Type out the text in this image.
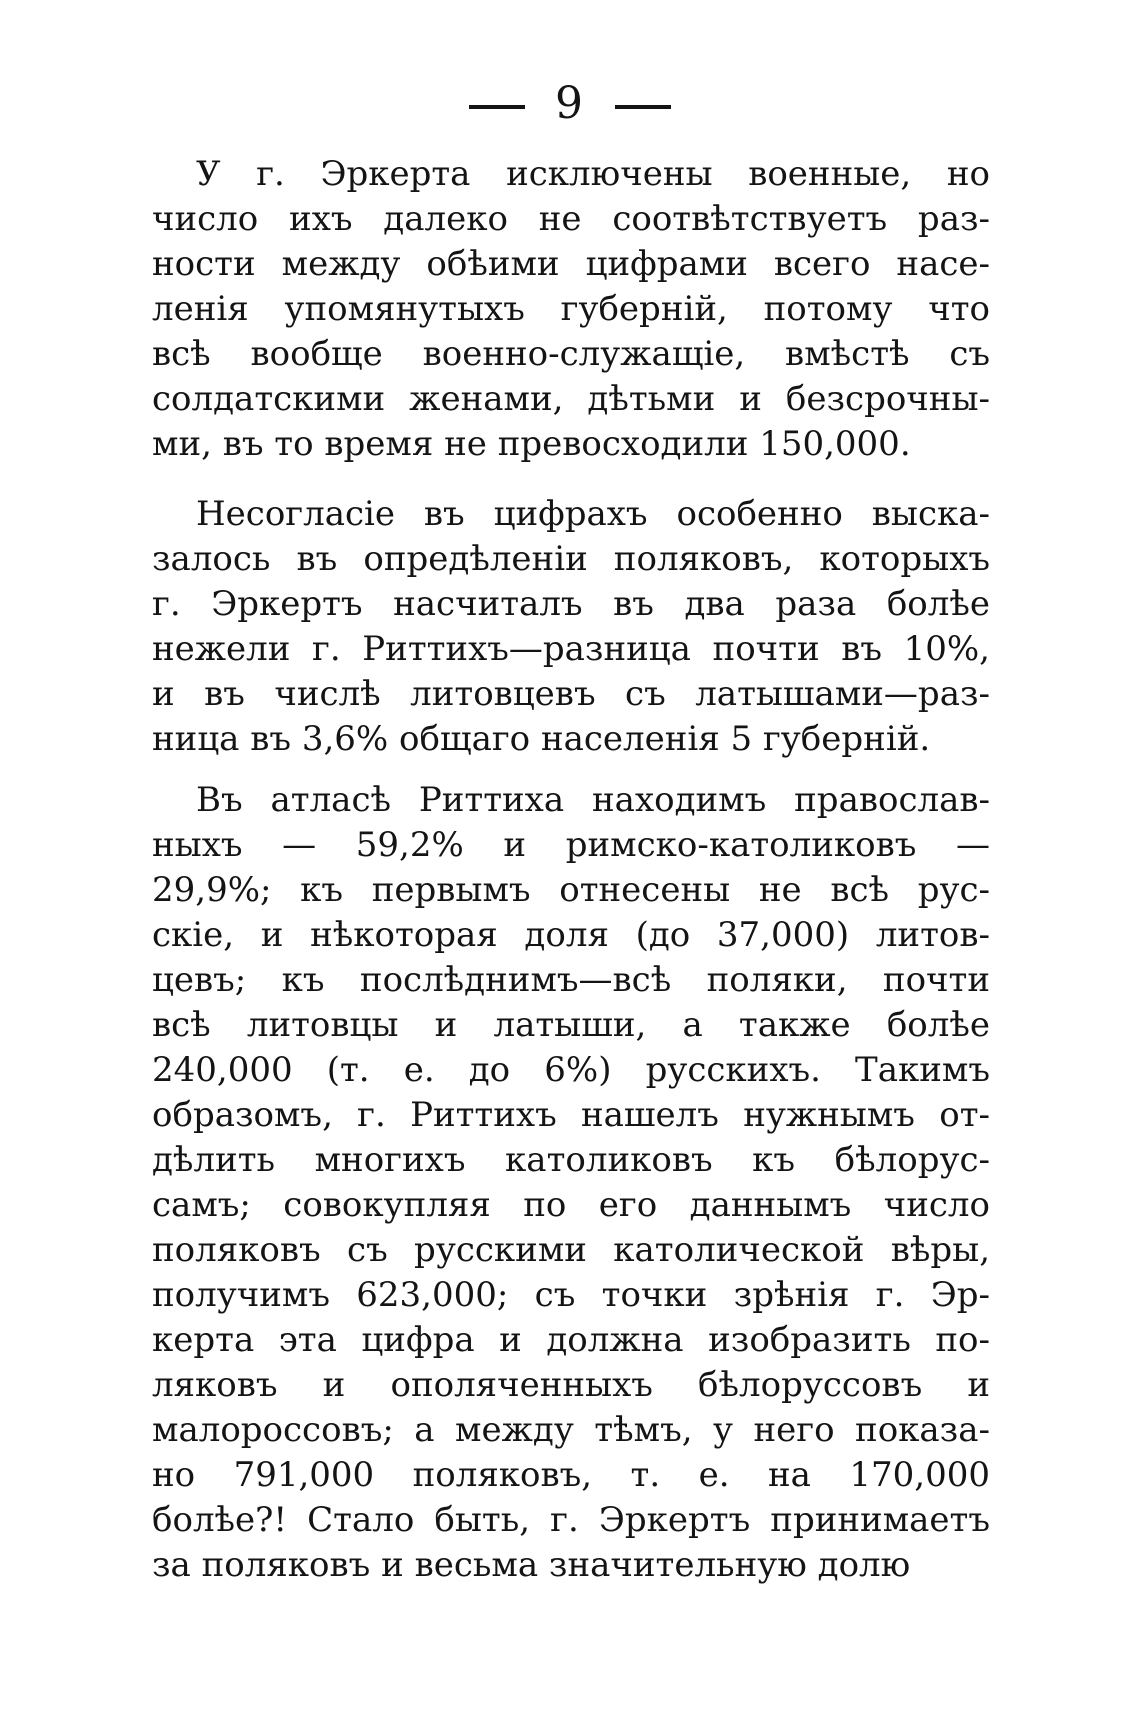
9
У г. Эркерта исключены военные, но
число ихъ далеко не соотвѣтствуетъ раз-
ности между обѣими цифрами всего насе-
ленія упомянутыхъ губерній, потому что
всѣ вообще военно-служащіе, вмѣстѣ съ
солдатскими женами, дѣтьми и безсрочны-
ми, въ то время не превосходили 150,000.
Несогласіе въ цифрахъ особенно выска-
залось въ опредѣленіи поляковъ, которыхъ
г. Эркертъ насчиталъ въ два раза болѣе
нежели г. Риттихъ—разница почти въ 10%,
и въ числѣ литовцевъ съ латышами—раз-
ница въ 3,6% общаго населенія 5 губерній.
Въ атласѣ Риттиха находимъ православ-
ныхъ — 59,2% и римско-католиковъ —
29,9%; къ первымъ отнесены не всѣ рус-
скіе, и нѣкоторая доля (до 37,000) литов-
цевъ; къ послѣднимъ—всѣ поляки, почти
всѣ литовцы и латыши, а также болѣе
240,000 (т. е. до 6%) русскихъ. Такимъ
образомъ, г. Риттихъ нашелъ нужнымъ от-
дѣлить многихъ католиковъ къ бѣлорус-
самъ; совокупляя по его даннымъ число
поляковъ съ русскими католической вѣры,
получимъ 623,000; съ точки зрѣнія г. Эр-
керта эта цифра и должна изобразить по-
ляковъ и ополяченныхъ бѣлоруссовъ и
малороссовъ; а между тѣмъ, у него показа-
но 791,000 поляковъ, т. е. на 170,000
болѣе?! Стало быть, г. Эркертъ принимаетъ
за поляковъ и весьма значительную долю
